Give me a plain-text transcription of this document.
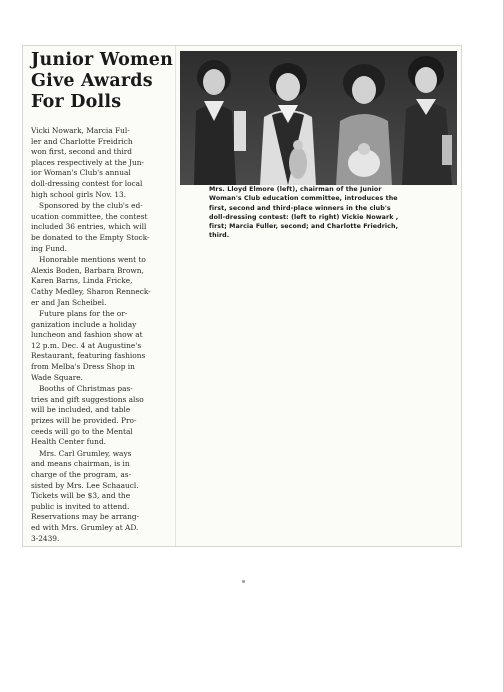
Junior Women
Give Awards
For Dolls

Vicki Nowark, Marcia Ful-
ler and Charlotte Freidrich
won first, second and third
places respectively at the Jun-
ior Woman's Club's annual
doll-dressing contest for local
high school girls Nov. 13.

Sponsored by the club's ed-
ucation committee, the contest
included 36 entries, which will
be donated to the Empty Stock-
ing Fund.

Honorable mentions went to
Alexis Boden, Barbara Brown,
Karen Barns, Linda Fricke,
Cathy Medley, Sharon Renneck-
er and Jan Scheibel.

Future plans for the or-
ganization include a holiday
luncheon and fashion show at
12 p.m. Dec. 4 at Augustine's
Restaurant, featuring fashions
from Melba's Dress Shop in
Wade Square.

Booths of Christmas pas-
tries and gift suggestions also
will be included, and table
prizes will be provided. Pro-
ceeds will go to the Mental
Health Center fund.

Mrs. Carl Grumley, ways
and means chairman, is in
charge of the program, as-
sisted by Mrs. Lee Schaaucl.
Tickets will be $3, and the
public is invited to attend.
Reservations may be arrang-
ed with Mrs. Grumley at AD.
3-2439.

Mrs. Lloyd Elmore (left), chairman of the Junior
Woman's Club education committee, introduces the
first, second and third-place winners in the club's
doll-dressing contest: (left to right) Vickie Nowark ,
first; Marcia Fuller, second; and Charlotte Friedrich,
third.
